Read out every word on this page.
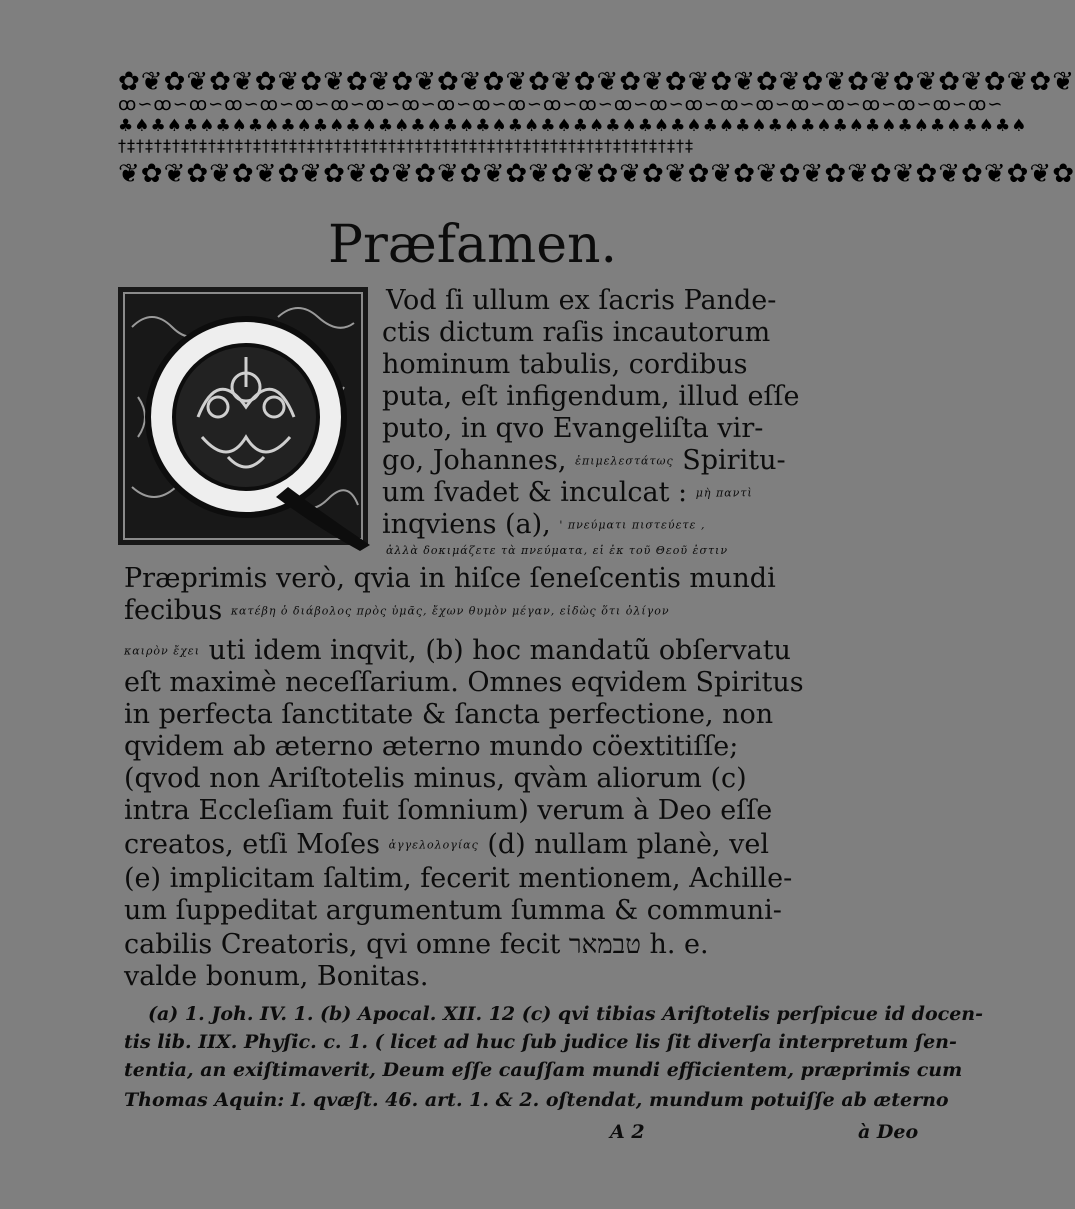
✿❦✿❦✿❦✿❦✿❦✿❦✿❦✿❦✿❦✿❦✿❦✿❦✿❦✿❦✿❦✿❦✿❦✿❦✿❦✿❦✿❦
ꝏ∽ꝏ∽ꝏ∽ꝏ∽ꝏ∽ꝏ∽ꝏ∽ꝏ∽ꝏ∽ꝏ∽ꝏ∽ꝏ∽ꝏ∽ꝏ∽ꝏ∽ꝏ∽ꝏ∽ꝏ∽ꝏ∽ꝏ∽ꝏ∽ꝏ∽ꝏ∽ꝏ∽ꝏ∽
♣♠♣♠♣♠♣♠♣♠♣♠♣♠♣♠♣♠♣♠♣♠♣♠♣♠♣♠♣♠♣♠♣♠♣♠♣♠♣♠♣♠♣♠♣♠♣♠♣♠♣♠♣♠♣♠
†‡†‡†‡†‡†‡†‡†‡†‡†‡†‡†‡†‡†‡†‡†‡†‡†‡†‡†‡†‡†‡†‡†‡†‡†‡†‡†‡†‡†‡†‡†‡†‡
❦✿❦✿❦✿❦✿❦✿❦✿❦✿❦✿❦✿❦✿❦✿❦✿❦✿❦✿❦✿❦✿❦✿❦✿❦✿❦✿❦✿
Præfamen.
Vod ſi ullum ex ſacris Pande-
ctis dictum raſis incautorum
hominum tabulis, cordibus
puta, eſt infigendum, illud eſſe
puto, in qvo Evangeliſta vir-
go, Johannes, ἐπιμελεστάτως Spiritu-
um ſvadet & inculcat : μὴ παντὶ
inqviens (a), ' πνεύματι πιστεύετε ,
ἀλλὰ δοκιμάζετε τὰ πνεύματα, εἰ ἐκ τοῦ Θεοῦ ἐστιν
Præprimis verò, qvia in hiſce ſeneſcentis mundi
fecibus κατέβη ὁ διάβολος πρὸς ὑμᾶς, ἔχων θυμὸν μέγαν, εἰδὼς ὅτι ὀλίγον
καιρὸν ἔχει uti idem inqvit, (b) hoc mandatũ obſervatu
eſt maximè neceſſarium. Omnes eqvidem Spiritus
in perfecta ſanctitate & ſancta perfectione, non
qvidem ab æterno æterno mundo cöextitiſſe;
(qvod non Ariſtotelis minus, qvàm aliorum (c)
intra Eccleſiam fuit ſomnium) verum à Deo eſſe
creatos, etſi Moſes ἀγγελολογίας (d) nullam planè, vel
(e) implicitam ſaltim, fecerit mentionem, Achille-
um ſuppeditat argumentum ſumma & communi-
cabilis Creatoris, qvi omne fecit טבמאר h. e.
valde bonum, Bonitas.
(a) 1. Joh. IV. 1. (b) Apocal. XII. 12 (c) qvi tibias Ariſtotelis perſpicue id docen-
tis lib. IIX. Phyſic. c. 1. ( licet ad huc ſub judice lis ſit diverſa interpretum ſen-
tentia, an exiſtimaverit, Deum eſſe cauſſam mundi efficientem, præprimis cum
Thomas Aquin: I. qvæſt. 46. art. 1. & 2. oſtendat, mundum potuiſſe ab æterno
A 2	à Deo
